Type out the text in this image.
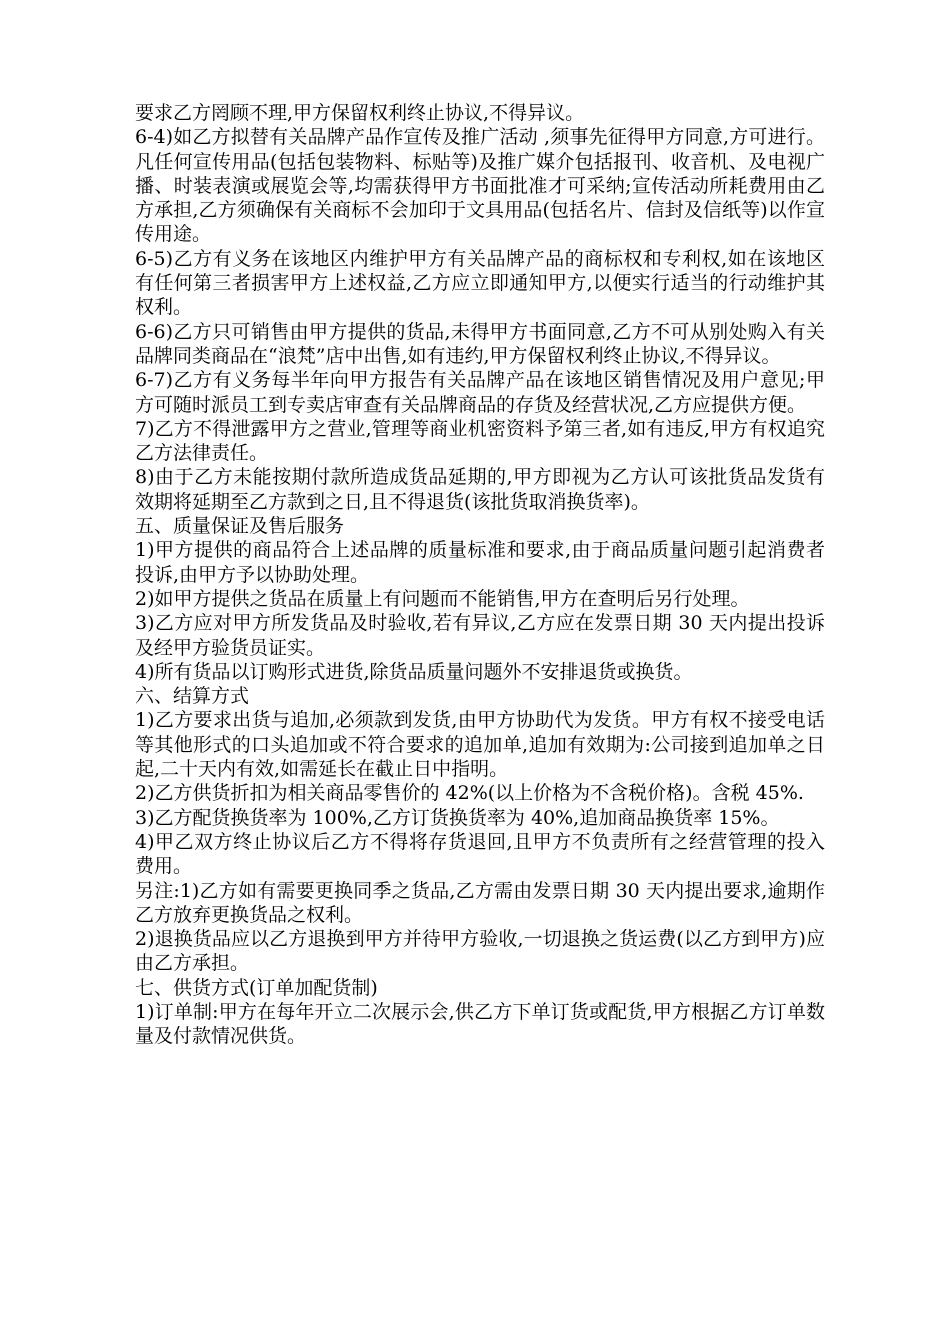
要求乙方罔顾不理,甲方保留权利终止协议,不得异议。

6-4)如乙方拟替有关品牌产品作宣传及推广活动 ,须事先征得甲方同意,方可进行。凡任何宣传用品(包括包装物料、标贴等)及推广媒介包括报刊、收音机、及电视广播、时装表演或展览会等,均需获得甲方书面批准才可采纳;宣传活动所耗费用由乙方承担,乙方须确保有关商标不会加印于文具用品(包括名片、信封及信纸等)以作宣传用途。

6-5)乙方有义务在该地区内维护甲方有关品牌产品的商标权和专利权,如在该地区有任何第三者损害甲方上述权益,乙方应立即通知甲方,以便实行适当的行动维护其权利。

6-6)乙方只可销售由甲方提供的货品,未得甲方书面同意,乙方不可从别处购入有关品牌同类商品在“浪梵”店中出售,如有违约,甲方保留权利终止协议,不得异议。

6-7)乙方有义务每半年向甲方报告有关品牌产品在该地区销售情况及用户意见;甲方可随时派员工到专卖店审查有关品牌商品的存货及经营状况,乙方应提供方便。

7)乙方不得泄露甲方之营业,管理等商业机密资料予第三者,如有违反,甲方有权追究乙方法律责任。

8)由于乙方未能按期付款所造成货品延期的,甲方即视为乙方认可该批货品发货有效期将延期至乙方款到之日,且不得退货(该批货取消换货率)。

五、质量保证及售后服务

1)甲方提供的商品符合上述品牌的质量标准和要求,由于商品质量问题引起消费者投诉,由甲方予以协助处理。

2)如甲方提供之货品在质量上有问题而不能销售,甲方在查明后另行处理。

3)乙方应对甲方所发货品及时验收,若有异议,乙方应在发票日期 30 天内提出投诉及经甲方验货员证实。

4)所有货品以订购形式进货,除货品质量问题外不安排退货或换货。

六、结算方式

1)乙方要求出货与追加,必须款到发货,由甲方协助代为发货。甲方有权不接受电话等其他形式的口头追加或不符合要求的追加单,追加有效期为:公司接到追加单之日起,二十天内有效,如需延长在截止日中指明。

2)乙方供货折扣为相关商品零售价的 42%(以上价格为不含税价格)。含税 45%.

3)乙方配货换货率为 100%,乙方订货换货率为 40%,追加商品换货率 15%。

4)甲乙双方终止协议后乙方不得将存货退回,且甲方不负责所有之经营管理的投入费用。

另注:1)乙方如有需要更换同季之货品,乙方需由发票日期 30 天内提出要求,逾期作乙方放弃更换货品之权利。

2)退换货品应以乙方退换到甲方并待甲方验收,一切退换之货运费(以乙方到甲方)应由乙方承担。

七、供货方式(订单加配货制)

1)订单制:甲方在每年开立二次展示会,供乙方下单订货或配货,甲方根据乙方订单数量及付款情况供货。
